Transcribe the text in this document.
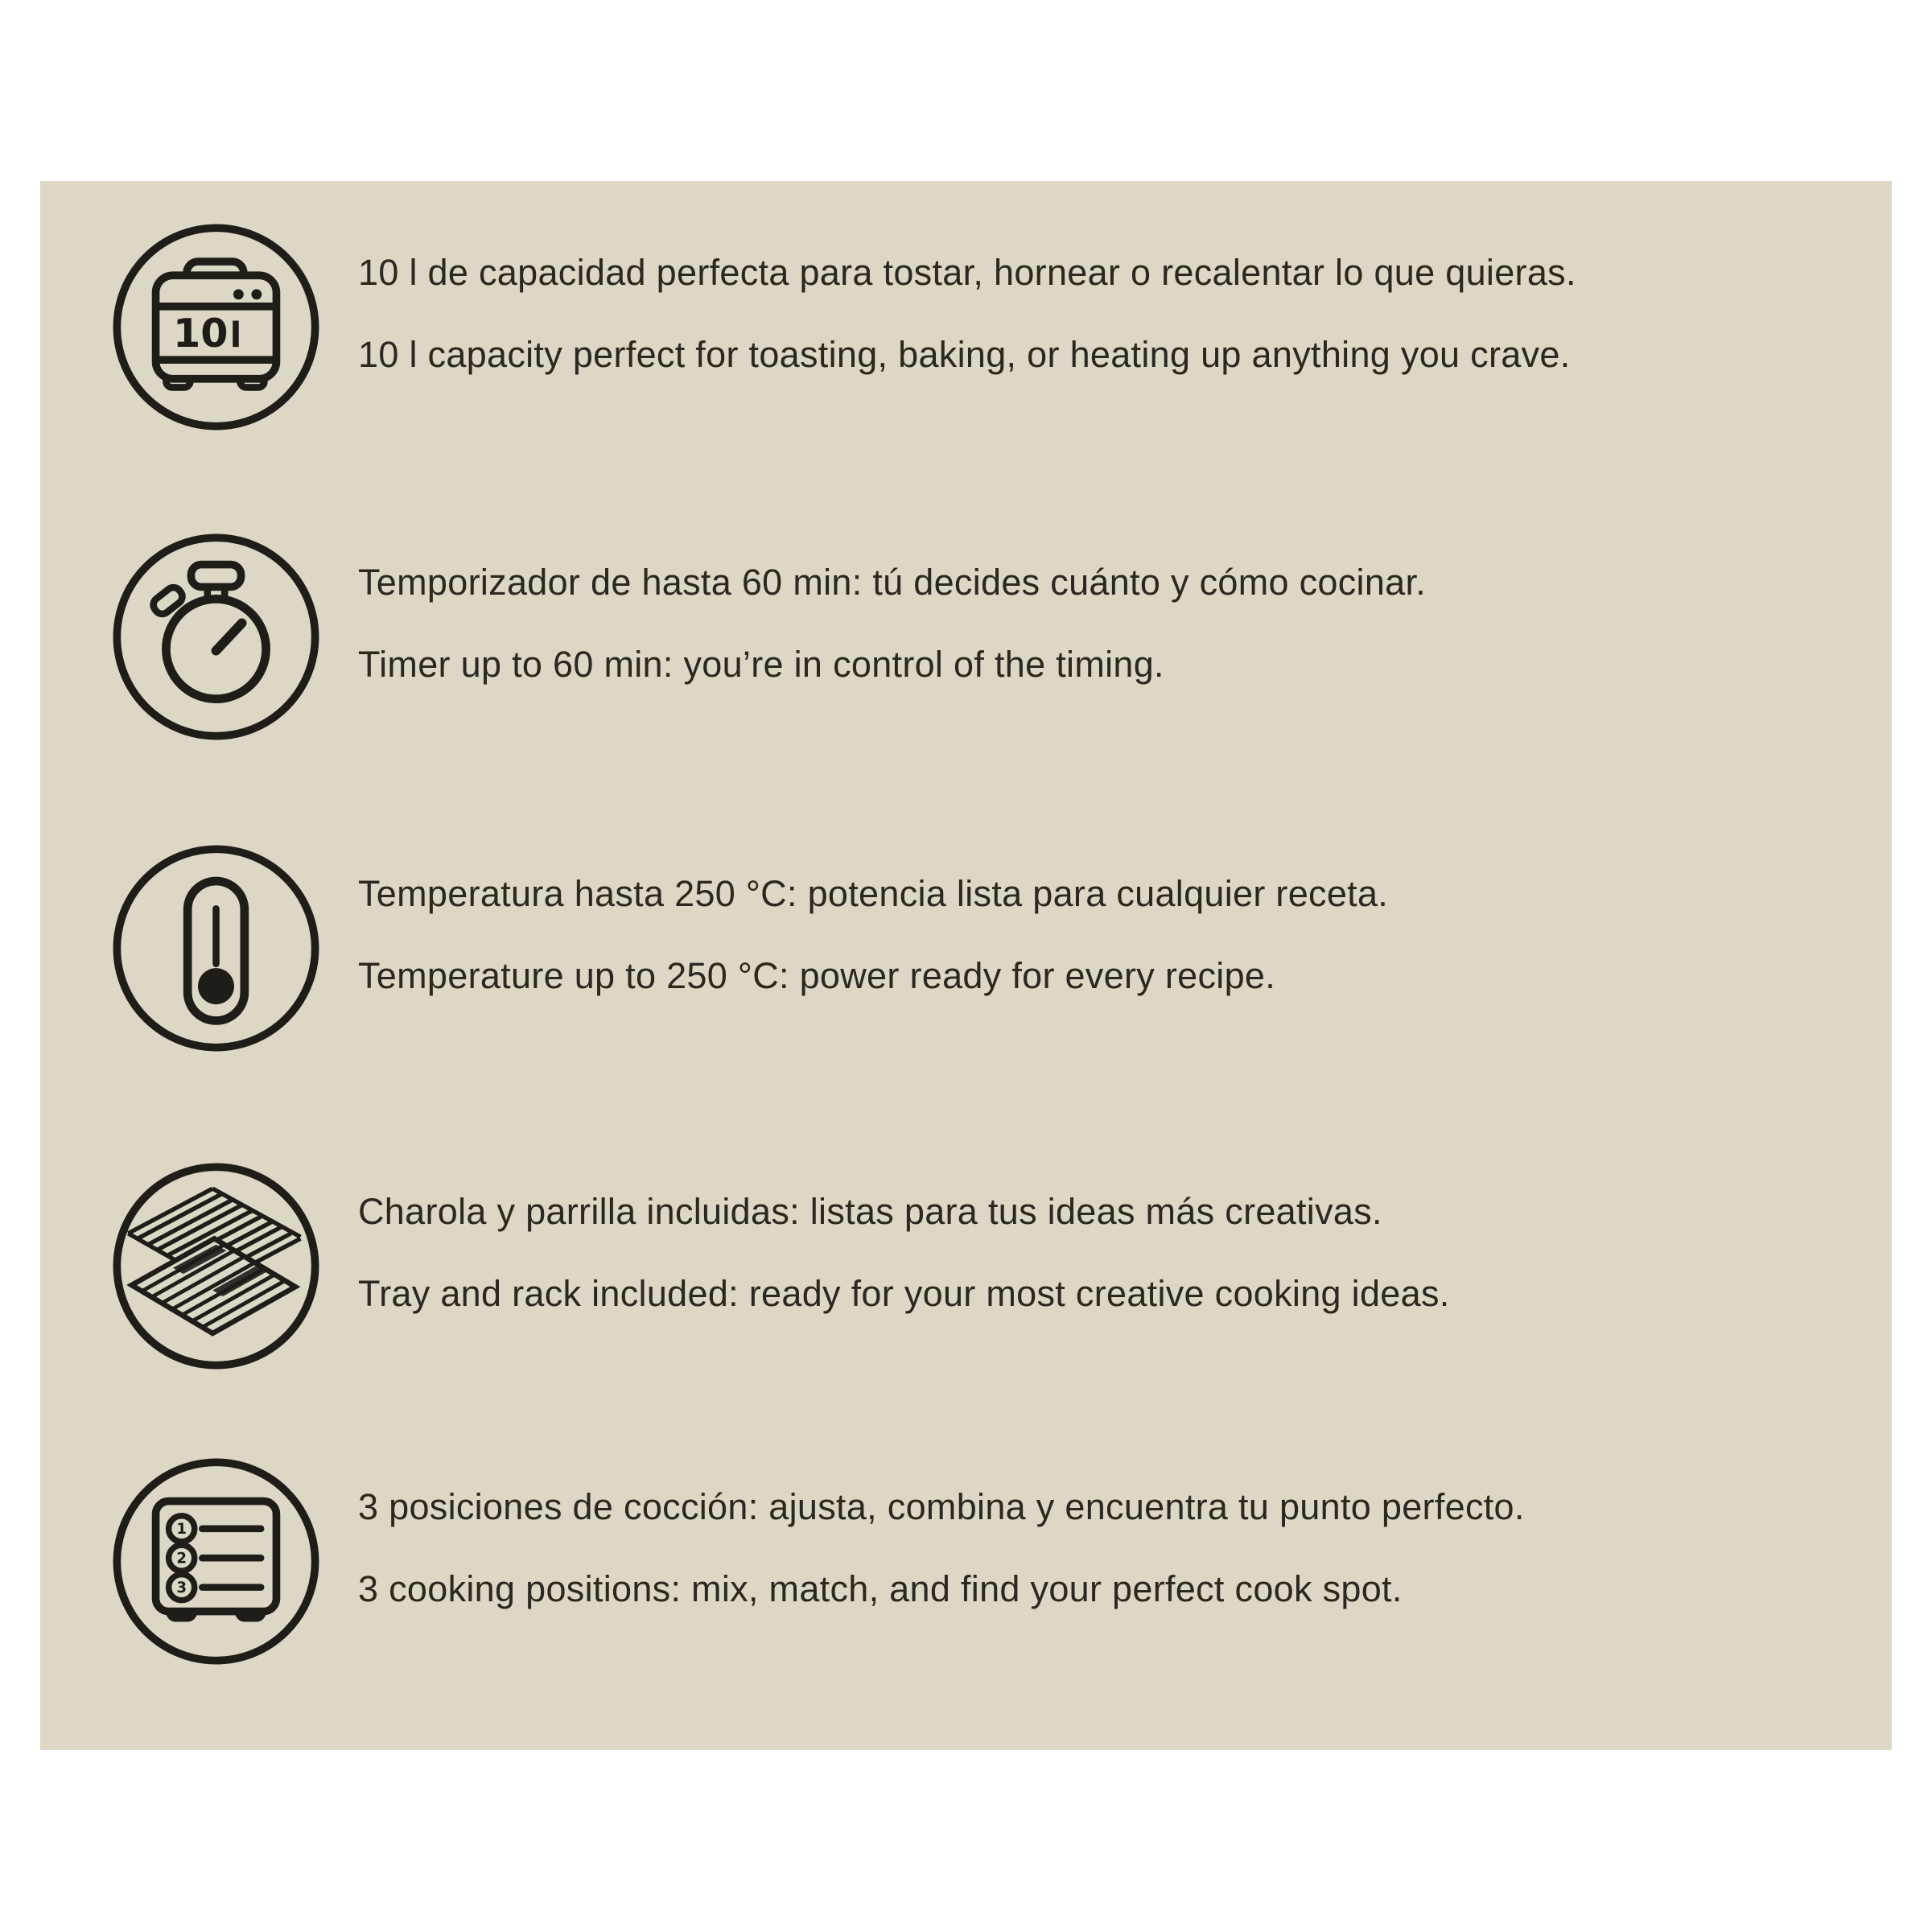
10 l

10 l de capacidad perfecta para tostar, hornear o recalentar lo que quieras.

10 l capacity perfect for toasting, baking, or heating up anything you crave.

Temporizador de hasta 60 min: tú decides cuánto y cómo cocinar.

Timer up to 60 min: you’re in control of the timing.

Temperatura hasta 250 °C: potencia lista para cualquier receta.

Temperature up to 250 °C: power ready for every recipe.

Charola y parrilla incluidas: listas para tus ideas más creativas.

Tray and rack included: ready for your most creative cooking ideas.

1
2
3

3 posiciones de cocción: ajusta, combina y encuentra tu punto perfecto.

3 cooking positions: mix, match, and find your perfect cook spot.
